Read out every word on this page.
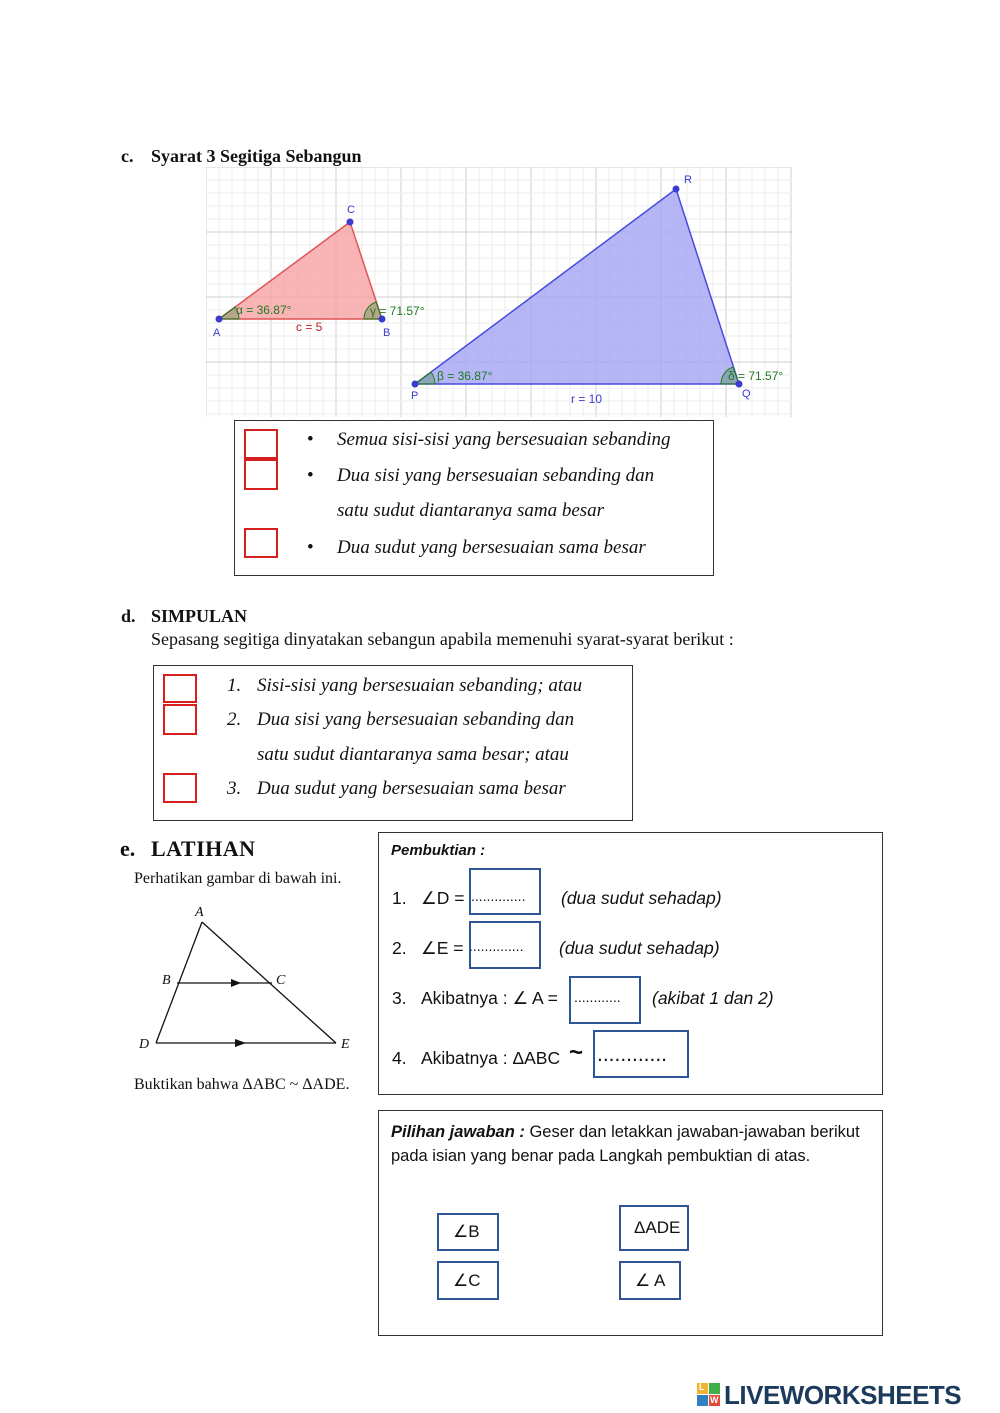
c. Syarat 3 Segitiga Sebangun
A
C
B
α = 36.87°	γ = 71.57°
c = 5
P
R
Q
β = 36.87°	δ = 71.57°
r = 10
• Semua sisi-sisi yang bersesuaian sebanding
• Dua sisi yang bersesuaian sebanding dan
satu sudut diantaranya sama besar
• Dua sudut yang bersesuaian sama besar
d. SIMPULAN
Sepasang segitiga dinyatakan sebangun apabila memenuhi syarat-syarat berikut :
1. Sisi-sisi yang bersesuaian sebanding; atau
2. Dua sisi yang bersesuaian sebanding dan
satu sudut diantaranya sama besar; atau
3. Dua sudut yang bersesuaian sama besar
e. LATIHAN
Perhatikan gambar di bawah ini.
A
B	C
D	E
Buktikan bahwa ΔABC ~ ΔADE.
Pembuktian :
1. ∠D = .............. (dua sudut sehadap)
2. ∠E = .............. (dua sudut sehadap)
3. Akibatnya : ∠ A = ............ (akibat 1 dan 2)
4. Akibatnya : ΔABC ~ ............
Pilihan jawaban : Geser dan letakkan jawaban-jawaban berikut pada isian yang benar pada Langkah pembuktian di atas.
∠B	ΔADE
∠C	∠ A
L
W LIVEWORKSHEETS
